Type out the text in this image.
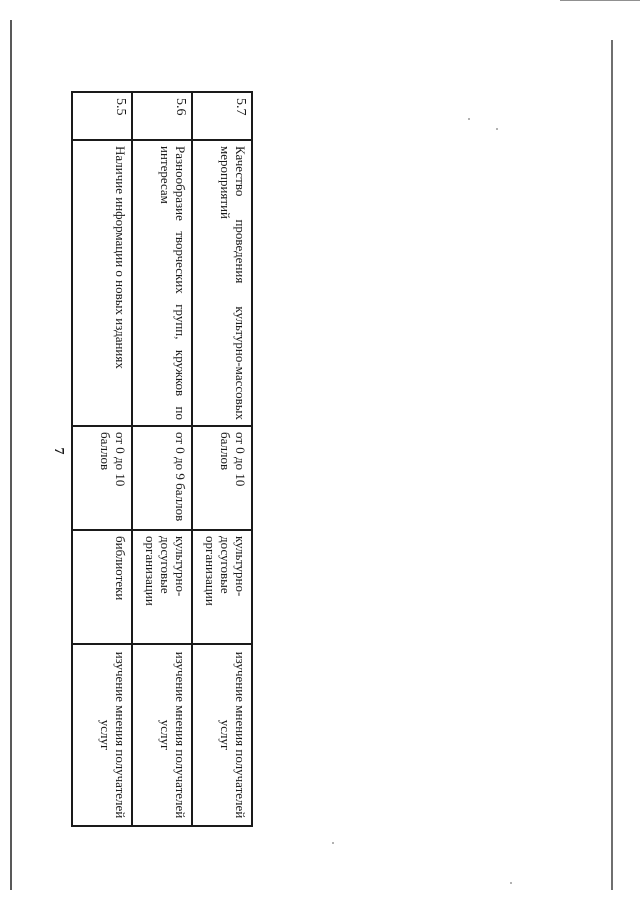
7
5.7	Качество проведения культурно-массовых
мероприятий	от 0 до 10 баллов	культурно-досуговые организации	изучение мнения получателей услуг
5.6	Разнообразие творческих групп, кружков по
интересам	от 0 до 9 баллов	культурно-досуговые организации	изучение мнения получателей услуг
5.5	Наличие информации о новых изданиях	от 0 до 10 баллов	библиотеки	изучение мнения получателей услуг
